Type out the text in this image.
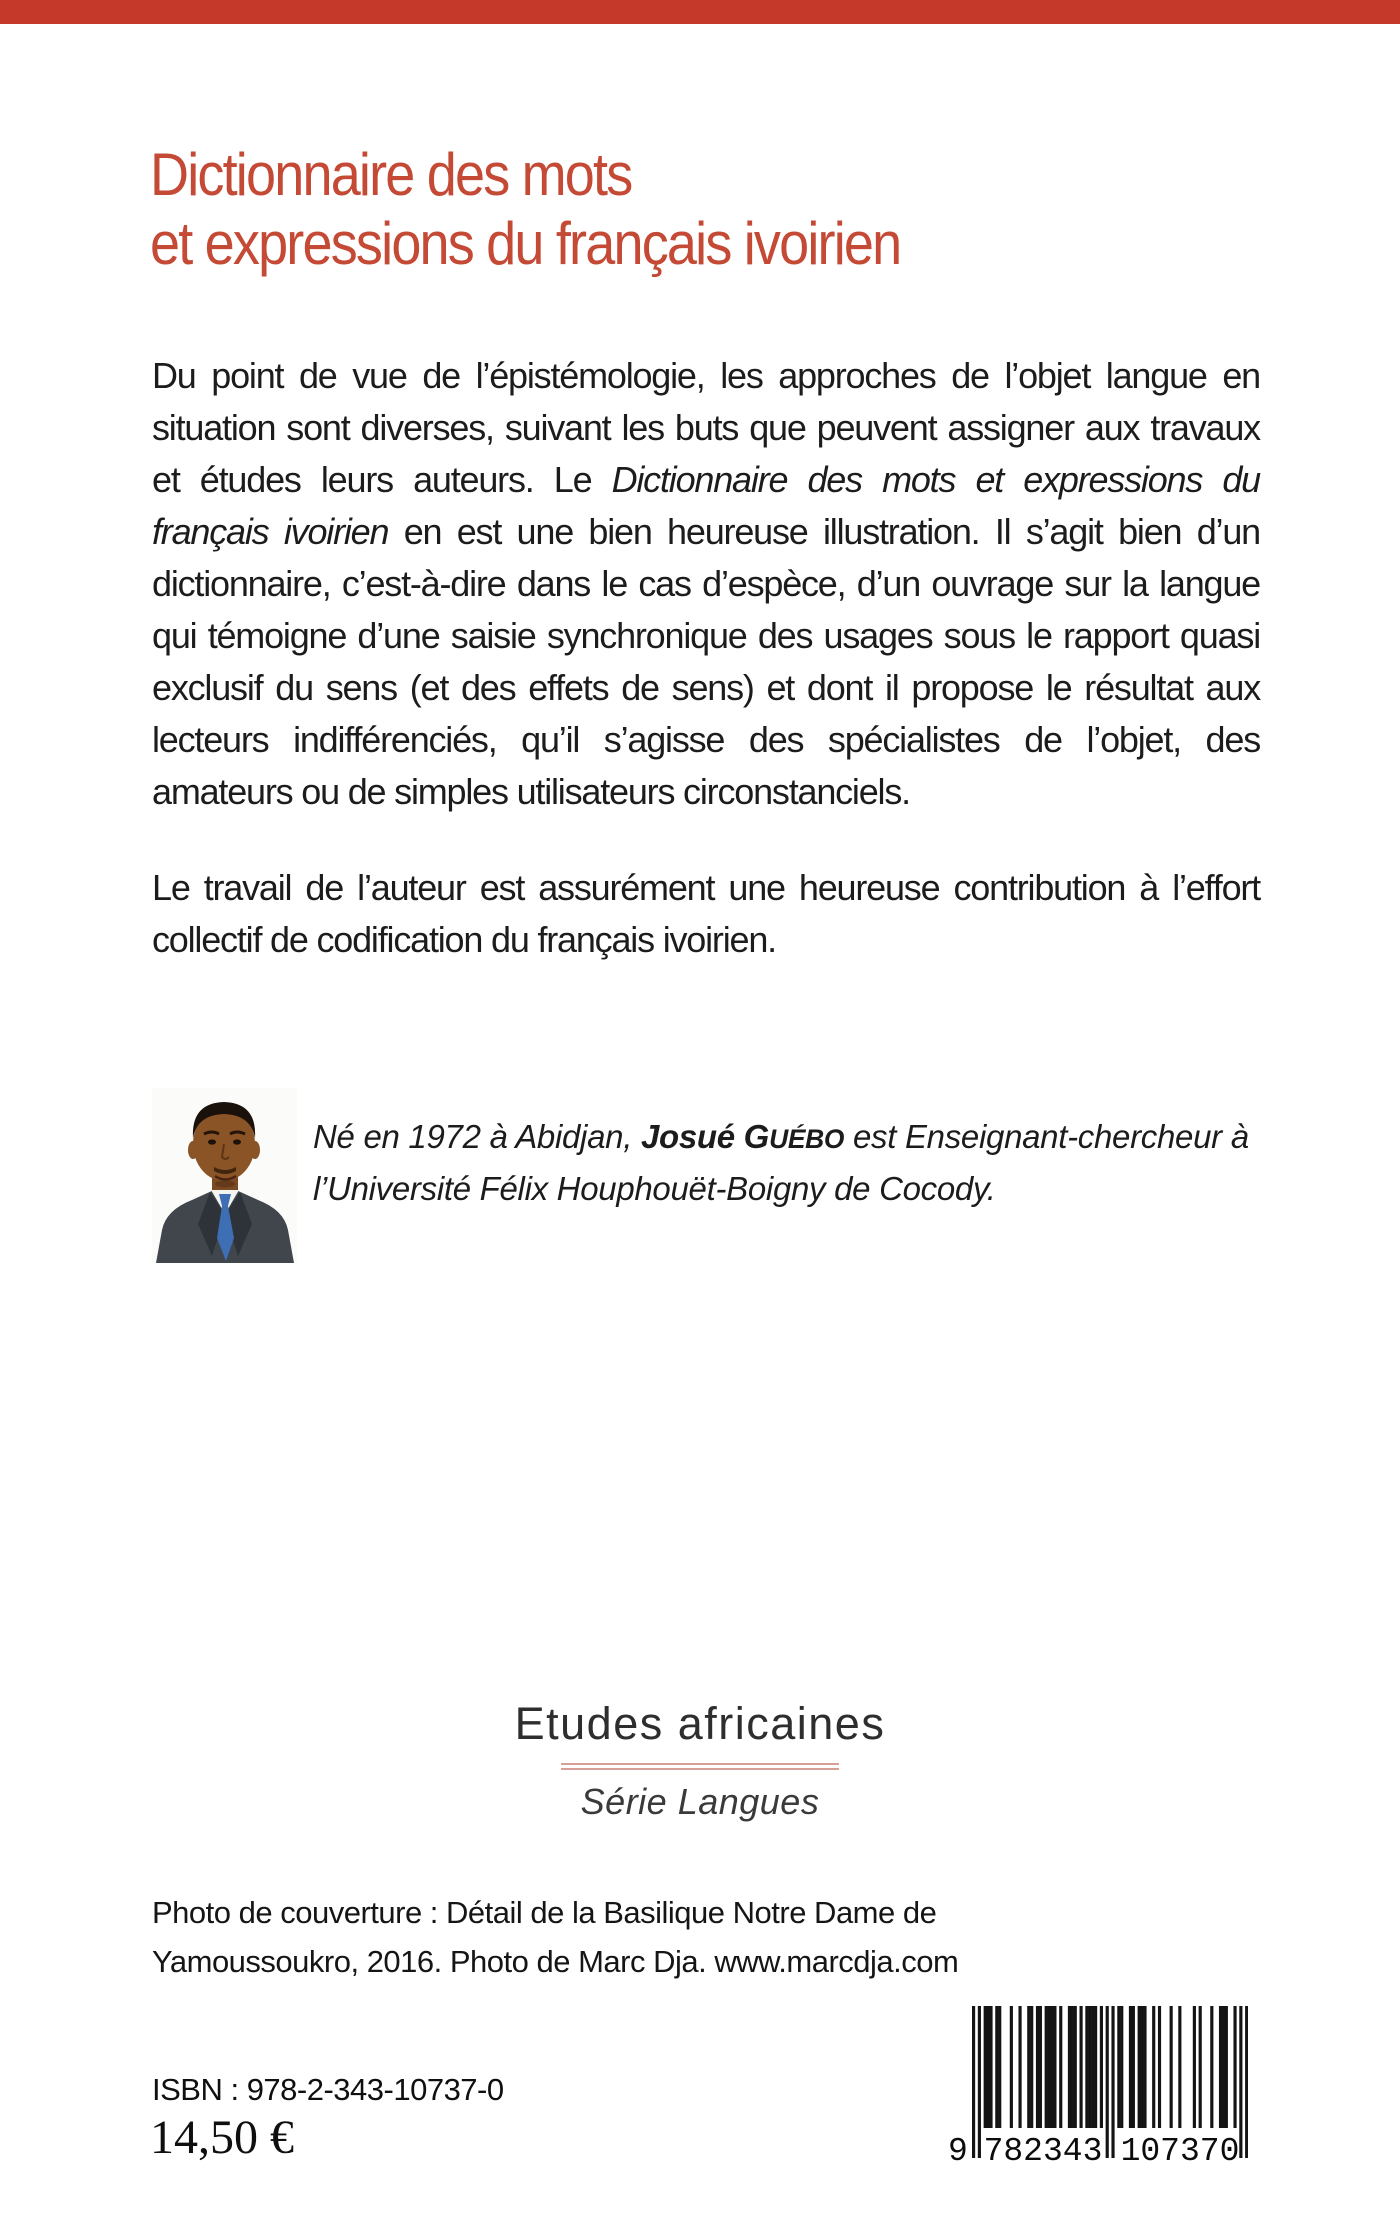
Dictionnaire des mots
et expressions du français ivoirien
Du point de vue de l’épistémologie, les approches de l’objet langue en situation sont diverses, suivant les buts que peuvent assigner aux travaux et études leurs auteurs. Le Dictionnaire des mots et expressions du français ivoirien en est une bien heureuse illustration. Il s’agit bien d’un dictionnaire, c’est-à-dire dans le cas d’espèce, d’un ouvrage sur la langue qui témoigne d’une saisie synchronique des usages sous le rapport quasi exclusif du sens (et des effets de sens) et dont il propose le résultat aux lecteurs indifférenciés, qu’il s’agisse des spécialistes de l’objet, des amateurs ou de simples utilisateurs circonstanciels.
Le travail de l’auteur est assurément une heureuse contribution à l’effort collectif de codification du français ivoirien.
Né en 1972 à Abidjan, Josué GUÉBO est Enseignant-chercheur à l’Université Félix Houphouët-Boigny de Cocody.
Etudes africaines
Série Langues
Photo de couverture : Détail de la Basilique Notre Dame de
Yamoussoukro, 2016. Photo de Marc Dja. www.marcdja.com
ISBN : 978-2-343-10737-0
14,50 €	9 782343 107370
